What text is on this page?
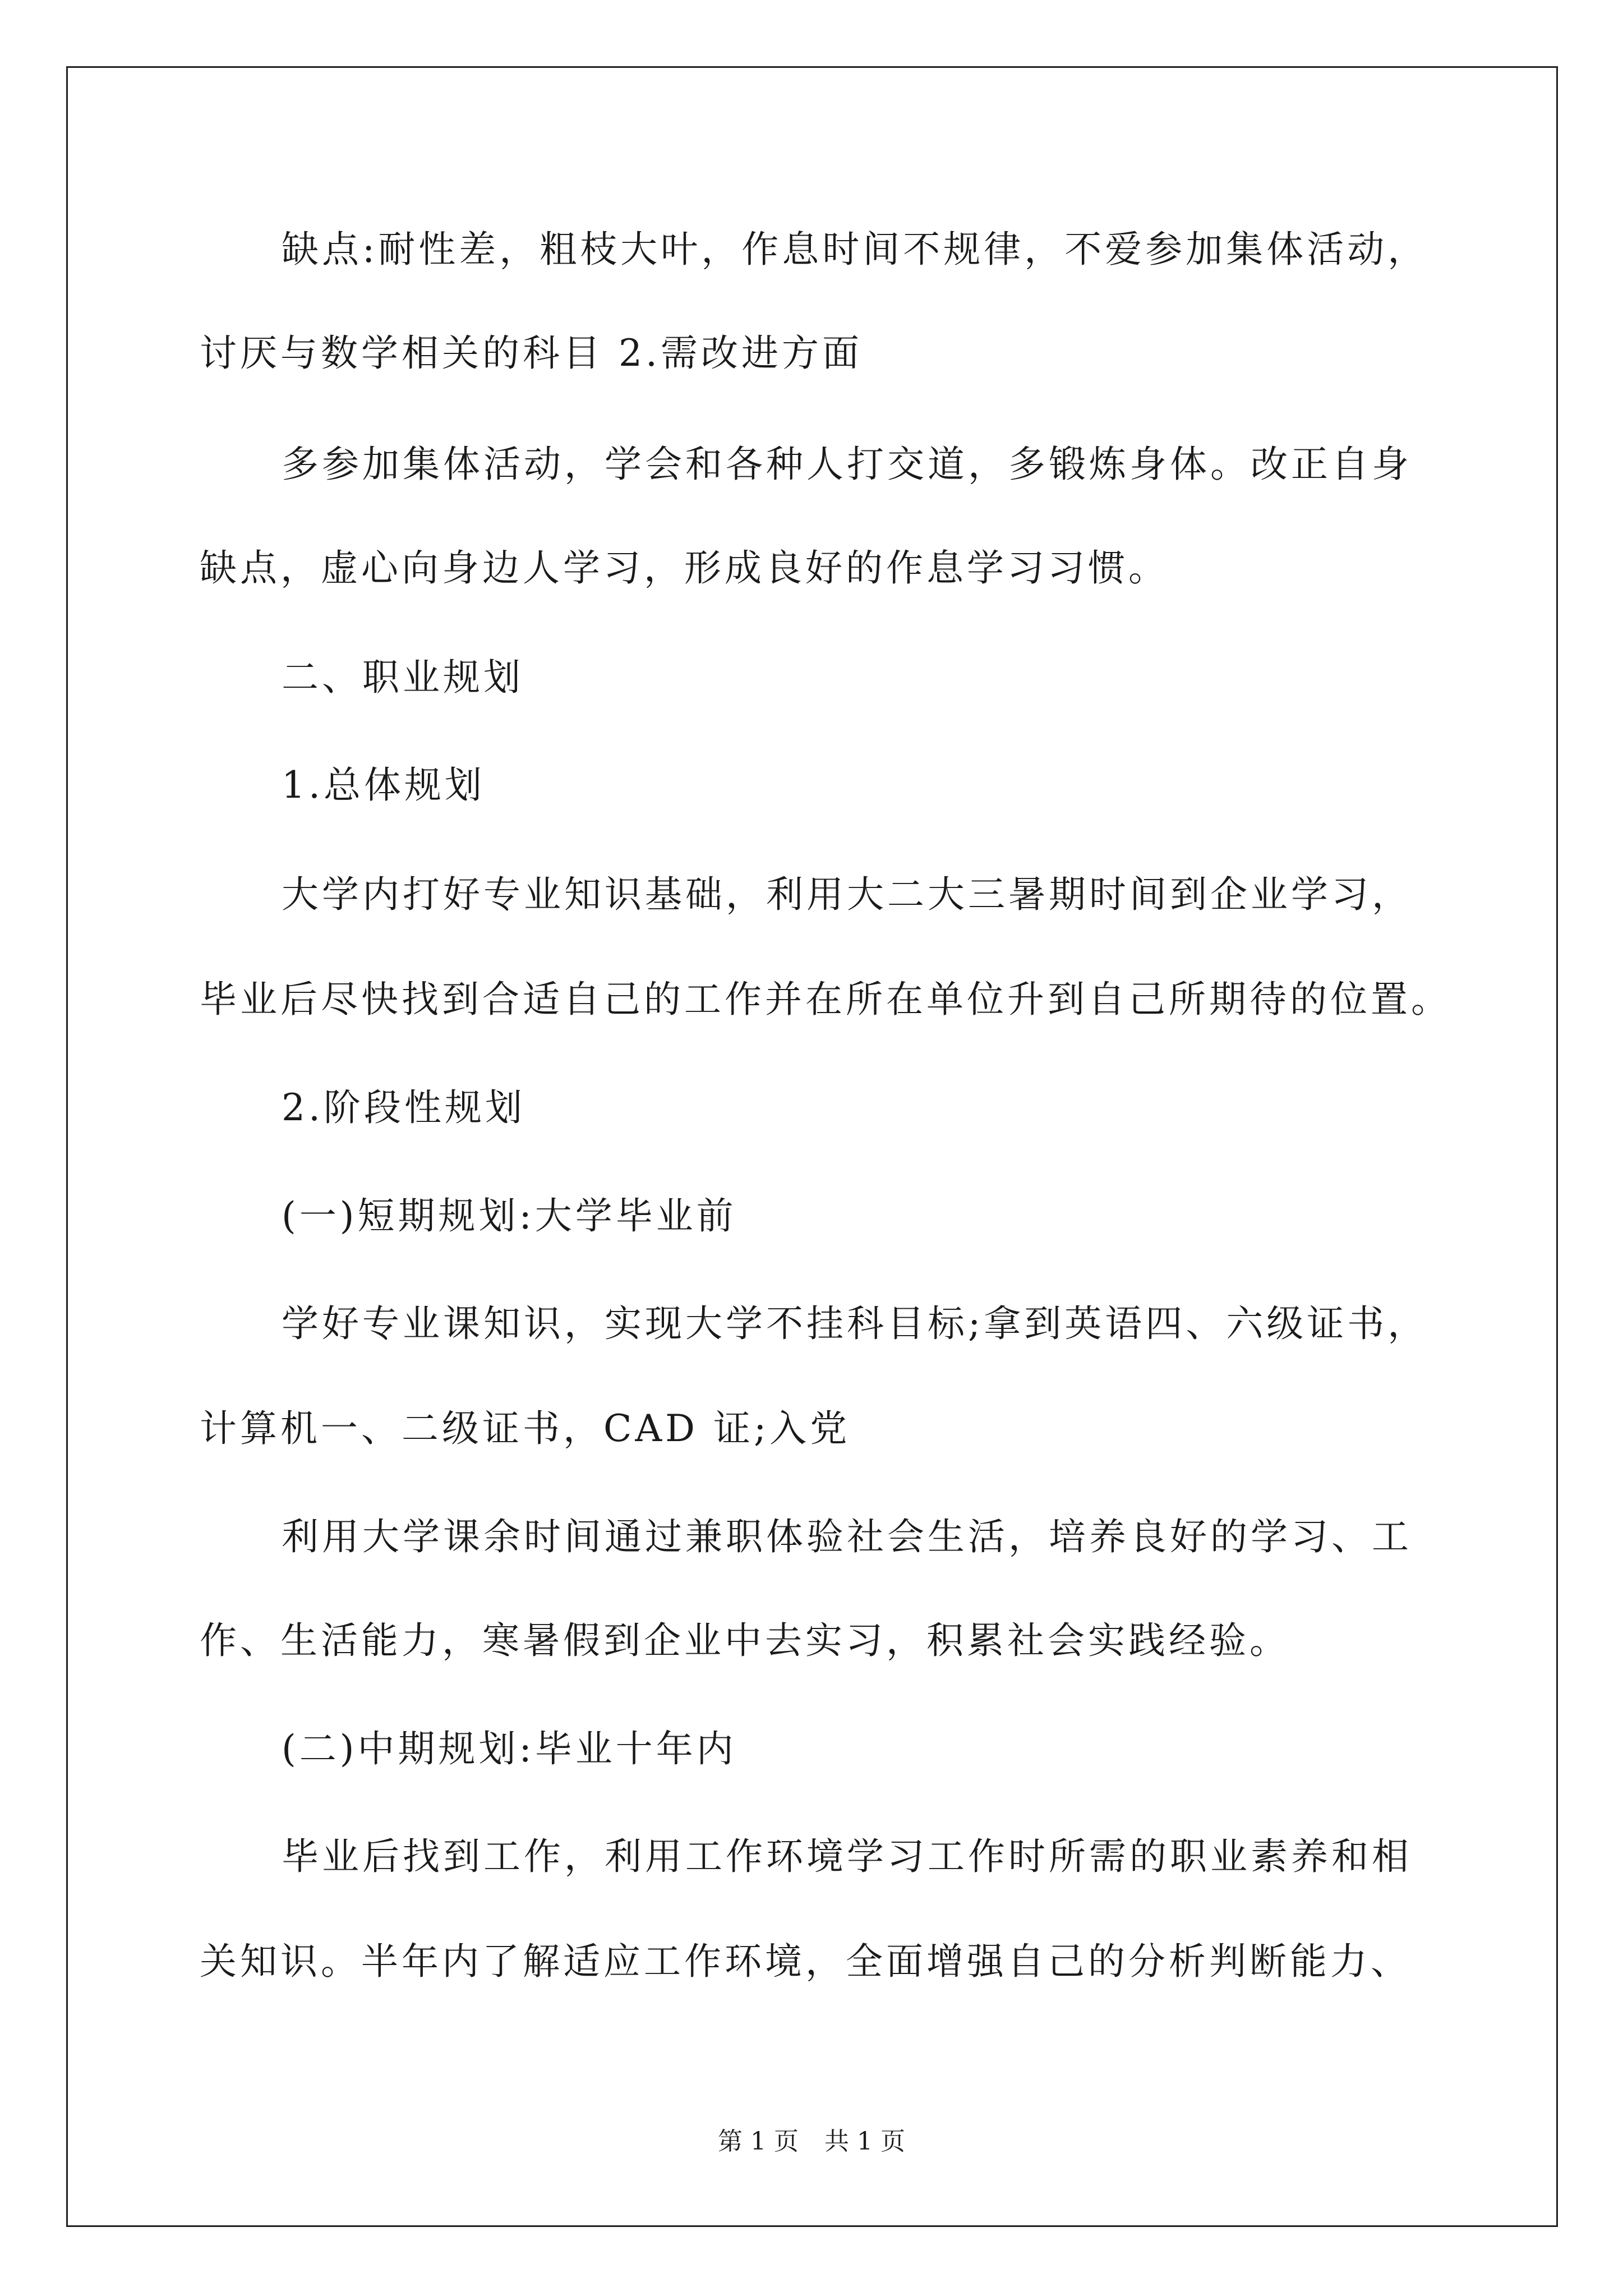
缺点:耐性差，粗枝大叶，作息时间不规律，不爱参加集体活动，
讨厌与数学相关的科目 2.需改进方面
多参加集体活动，学会和各种人打交道，多锻炼身体。改正自身
缺点，虚心向身边人学习，形成良好的作息学习习惯。
二、职业规划
1.总体规划
大学内打好专业知识基础，利用大二大三暑期时间到企业学习，
毕业后尽快找到合适自己的工作并在所在单位升到自己所期待的位置。
2.阶段性规划
(一)短期规划:大学毕业前
学好专业课知识，实现大学不挂科目标;拿到英语四、六级证书，
计算机一、二级证书，CAD 证;入党
利用大学课余时间通过兼职体验社会生活，培养良好的学习、工
作、生活能力，寒暑假到企业中去实习，积累社会实践经验。
(二)中期规划:毕业十年内
毕业后找到工作，利用工作环境学习工作时所需的职业素养和相
关知识。半年内了解适应工作环境，全面增强自己的分析判断能力、
第 1 页 共 1 页
